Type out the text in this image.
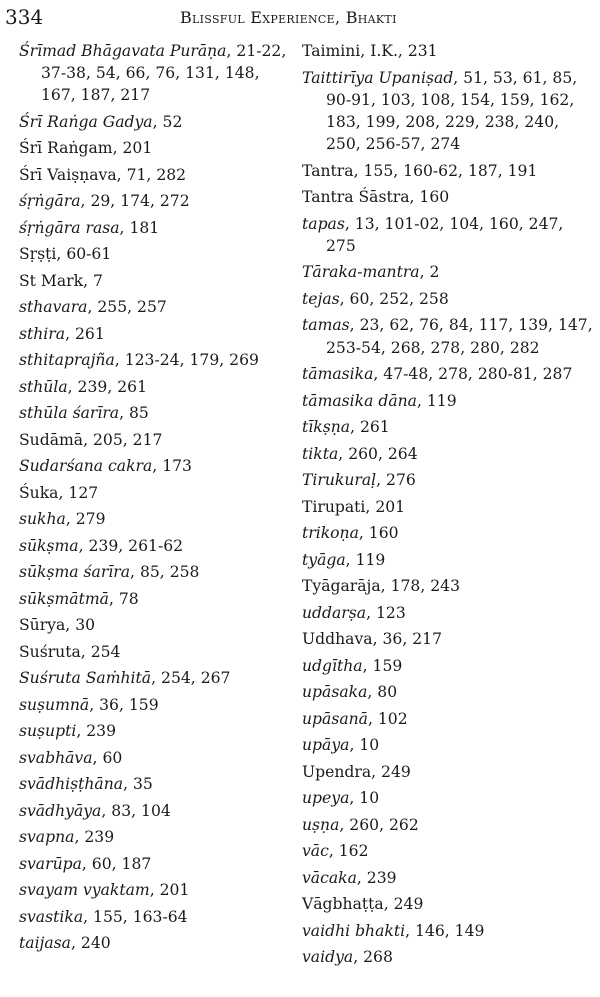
334	Blissful Experience, Bhakti
Śrīmad Bhāgavata Purāṇa, 21-22, 37-38, 54, 66, 76, 131, 148, 167, 187, 217
Śrī Raṅga Gadya, 52
Śrī Raṅgam, 201
Śrī Vaiṣṇava, 71, 282
śṛṅgāra, 29, 174, 272
śṛṅgāra rasa, 181
Sṛṣṭi, 60-61
St Mark, 7
sthavara, 255, 257
sthira, 261
sthitaprajña, 123-24, 179, 269
sthūla, 239, 261
sthūla śarīra, 85
Sudāmā, 205, 217
Sudarśana cakra, 173
Śuka, 127
sukha, 279
sūkṣma, 239, 261-62
sūkṣma śarīra, 85, 258
sūkṣmātmā, 78
Sūrya, 30
Suśruta, 254
Suśruta Saṁhitā, 254, 267
suṣumnā, 36, 159
suṣupti, 239
svabhāva, 60
svādhiṣṭhāna, 35
svādhyāya, 83, 104
svapna, 239
svarūpa, 60, 187
svayam vyaktam, 201
svastika, 155, 163-64
taijasa, 240
Taimini, I.K., 231
Taittirīya Upaniṣad, 51, 53, 61, 85, 90-91, 103, 108, 154, 159, 162, 183, 199, 208, 229, 238, 240, 250, 256-57, 274
Tantra, 155, 160-62, 187, 191
Tantra Śāstra, 160
tapas, 13, 101-02, 104, 160, 247, 275
Tāraka-mantra, 2
tejas, 60, 252, 258
tamas, 23, 62, 76, 84, 117, 139, 147, 253-54, 268, 278, 280, 282
tāmasika, 47-48, 278, 280-81, 287
tāmasika dāna, 119
tīkṣṇa, 261
tikta, 260, 264
Tirukuraḷ, 276
Tirupati, 201
trikoṇa, 160
tyāga, 119
Tyāgarāja, 178, 243
uddarṣa, 123
Uddhava, 36, 217
udgītha, 159
upāsaka, 80
upāsanā, 102
upāya, 10
Upendra, 249
upeya, 10
uṣṇa, 260, 262
vāc, 162
vācaka, 239
Vāgbhaṭṭa, 249
vaidhi bhakti, 146, 149
vaidya, 268
